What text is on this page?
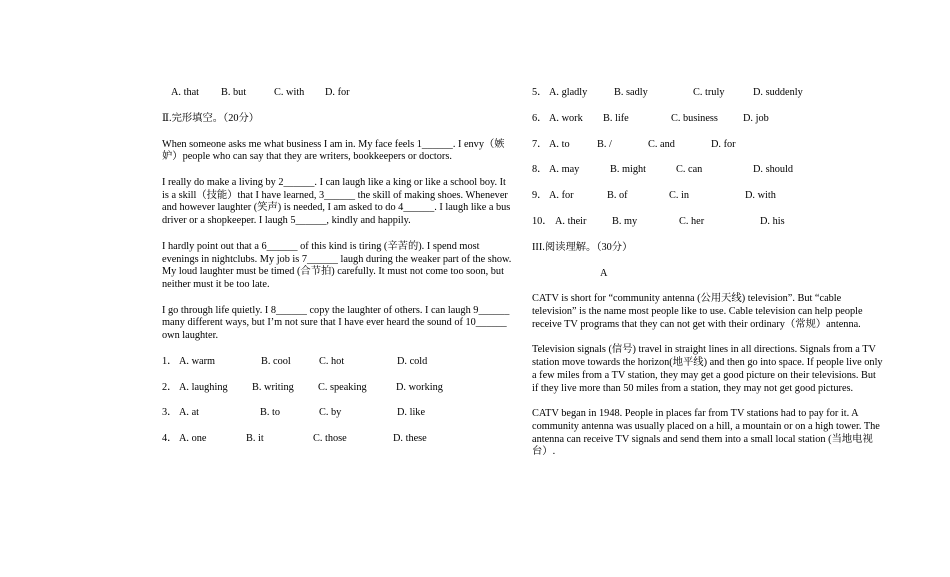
A. that B. but	C. with D. for
Ⅱ.完形填空。（20分）

When someone asks me what business I am in. My face feels 1______. I envy（嫉妒）people who can say that they are writers, bookkeepers or doctors.

I really do make a living by 2______. I can laugh like a king or like a school boy. It is a skill（技能）that I have learned, 3______ the skill of making shoes. Whenever and however laughter (笑声) is needed, I am asked to do 4______. I laugh like a bus driver or a shopkeeper. I laugh 5______, kindly and happily.

I hardly point out that a 6______ of this kind is tiring (辛苦的). I spend most evenings in nightclubs. My job is 7______ laugh during the weaker part of the show. My loud laughter must be timed (合节拍) carefully. It must not come too soon, but neither must it be too late.

I go through life quietly. I 8______ copy the laughter of others. I can laugh 9______ many different ways, but I’m not sure that I have ever heard the sound of 10______ own laughter.

1． A. warm	B. cool	C. hot	D. cold
2． A. laughing B. writing C. speaking	D. working
3． A. at	B. to	C. by	D. like
4． A. one	B. it	C. those	D. these
5． A. gladly	B. sadly	C. truly	D. suddenly
6． A. work B. life	C. business D. job
7． A. to	B. /	C. and	D. for
8． A. may	B. might	C. can	D. should
9． A. for	B. of	C. in	D. with
10． A. their B. my	C. her	D. his
III.阅读理解。（30分）
A

CATV is short for “community antenna (公用天线) television”. But “cable television” is the name most people like to use. Cable television can help people receive TV programs that they can not get with their ordinary（常规）antenna.

Television signals (信号) travel in straight lines in all directions. Signals from a TV station move towards the horizon(地平线) and then go into space. If people live only a few miles from a TV station, they may get a good picture on their televisions. But if they live more than 50 miles from a station, they may not get good pictures.

CATV began in 1948. People in places far from TV stations had to pay for it. A community antenna was usually placed on a hill, a mountain or on a high tower. The antenna can receive TV signals and send them into a small local station (当地电视台）.
